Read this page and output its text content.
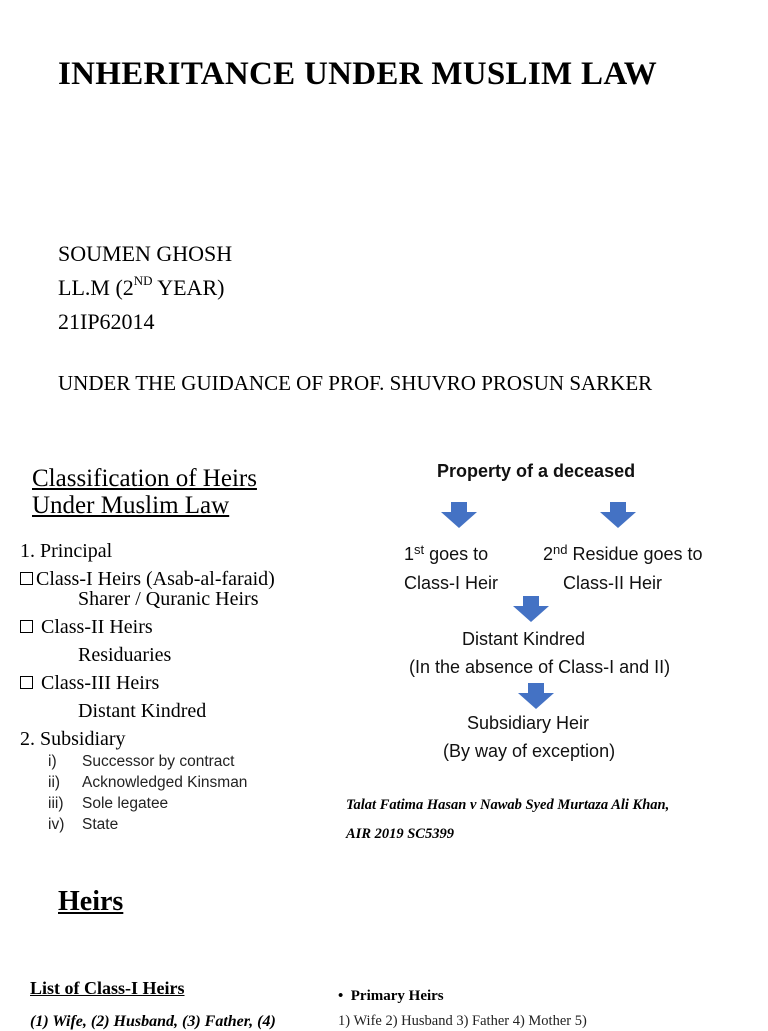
INHERITANCE UNDER MUSLIM LAW
SOUMEN GHOSH
LL.M (2ND YEAR)
21IP62014
UNDER THE GUIDANCE OF PROF. SHUVRO PROSUN SARKER
Classification of Heirs
Under Muslim Law
1. Principal
Class-I Heirs (Asab-al-faraid)
Sharer / Quranic Heirs
Class-II Heirs
Residuaries
Class-III Heirs
Distant Kindred
2. Subsidiary
i) Successor by contract
ii) Acknowledged Kinsman
iii) Sole legatee
iv) State
Property of a deceased
1st goes to
Class-I Heir
2nd Residue goes to
Class-II Heir
Distant Kindred
(In the absence of Class-I and II)
Subsidiary Heir
(By way of exception)
Talat Fatima Hasan v Nawab Syed Murtaza Ali Khan,
AIR 2019 SC5399
Heirs
List of Class-I Heirs
(1) Wife, (2) Husband, (3) Father, (4)
•  Primary Heirs
1) Wife 2) Husband 3) Father 4) Mother 5)
